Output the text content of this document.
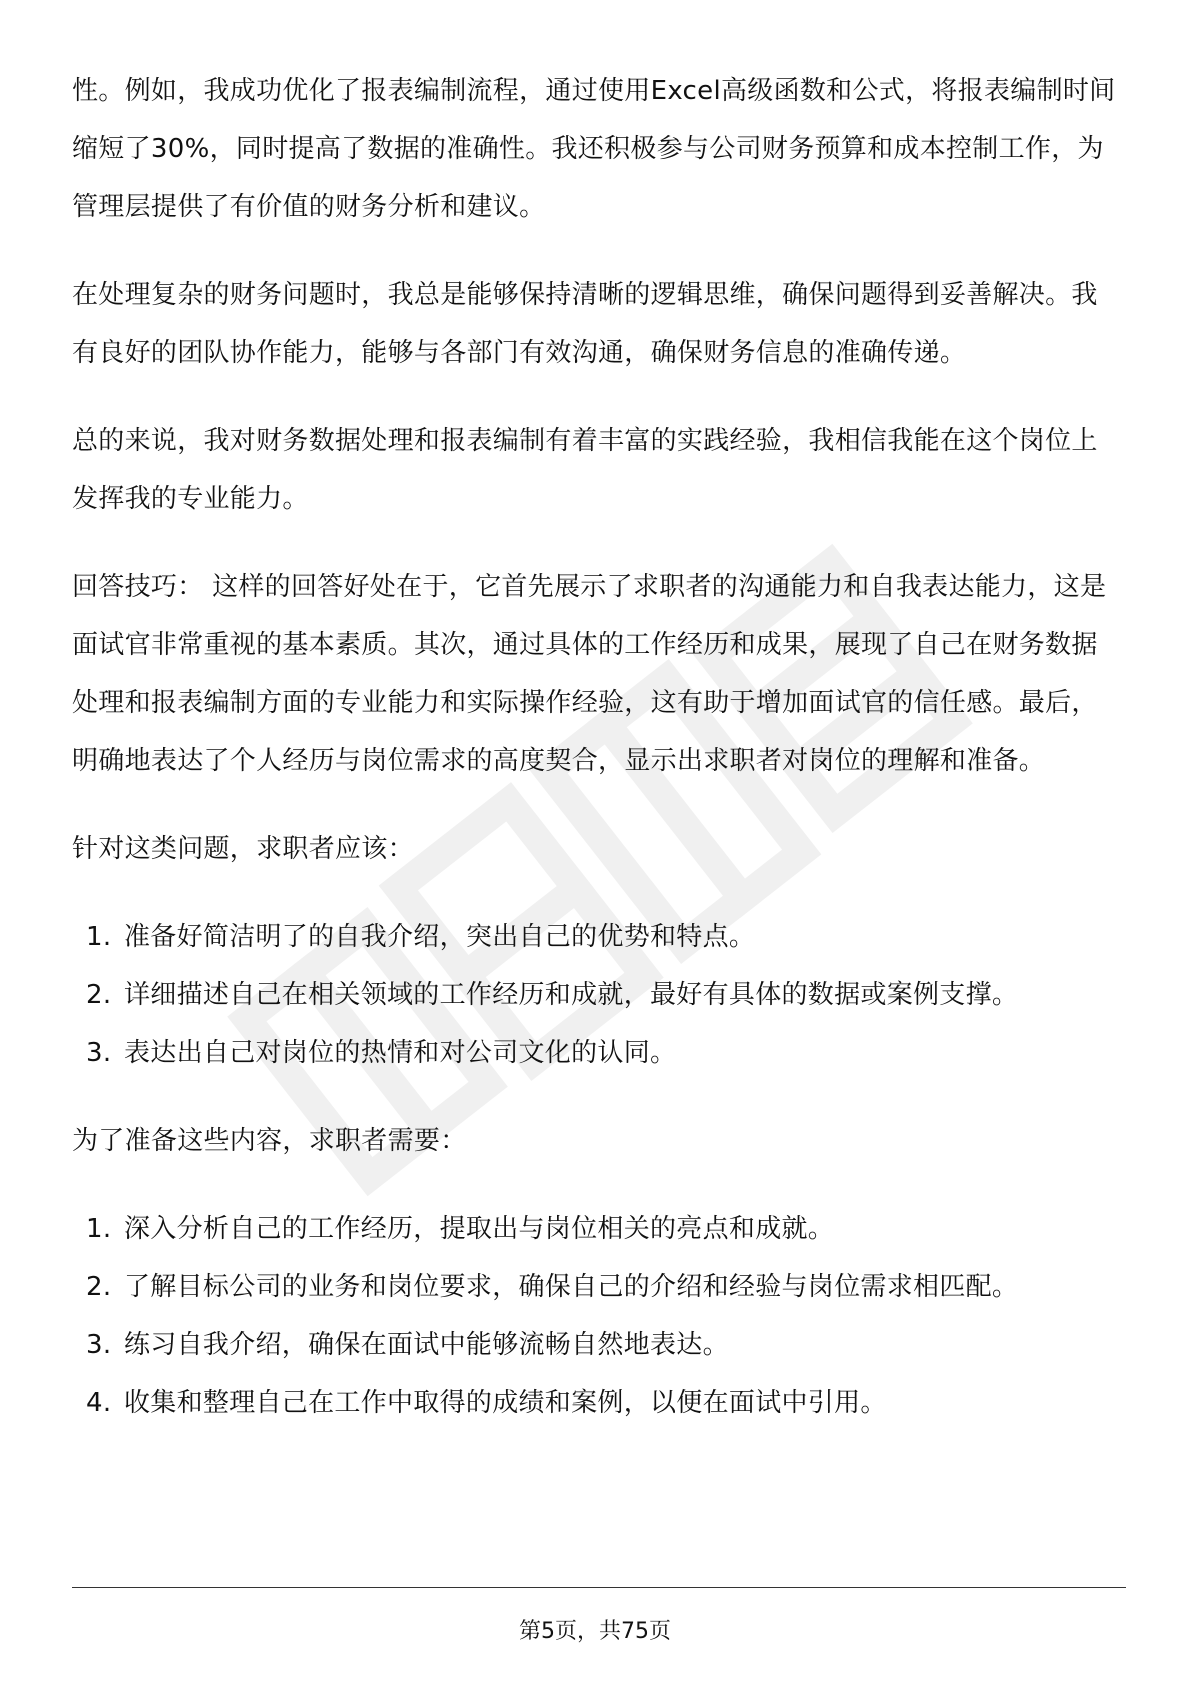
性。例如，我成功优化了报表编制流程，通过使用Excel高级函数和公式，将报表编制时间缩短了30%，同时提高了数据的准确性。我还积极参与公司财务预算和成本控制工作，为管理层提供了有价值的财务分析和建议。

在处理复杂的财务问题时，我总是能够保持清晰的逻辑思维，确保问题得到妥善解决。我有良好的团队协作能力，能够与各部门有效沟通，确保财务信息的准确传递。

总的来说，我对财务数据处理和报表编制有着丰富的实践经验，我相信我能在这个岗位上发挥我的专业能力。

回答技巧： 这样的回答好处在于，它首先展示了求职者的沟通能力和自我表达能力，这是面试官非常重视的基本素质。其次，通过具体的工作经历和成果，展现了自己在财务数据处理和报表编制方面的专业能力和实际操作经验，这有助于增加面试官的信任感。最后，明确地表达了个人经历与岗位需求的高度契合，显示出求职者对岗位的理解和准备。

针对这类问题，求职者应该：

1. 准备好简洁明了的自我介绍，突出自己的优势和特点。
2. 详细描述自己在相关领域的工作经历和成就，最好有具体的数据或案例支撑。
3. 表达出自己对岗位的热情和对公司文化的认同。

为了准备这些内容，求职者需要：

1. 深入分析自己的工作经历，提取出与岗位相关的亮点和成就。
2. 了解目标公司的业务和岗位要求，确保自己的介绍和经验与岗位需求相匹配。
3. 练习自我介绍，确保在面试中能够流畅自然地表达。
4. 收集和整理自己在工作中取得的成绩和案例，以便在面试中引用。
第5页，共75页
